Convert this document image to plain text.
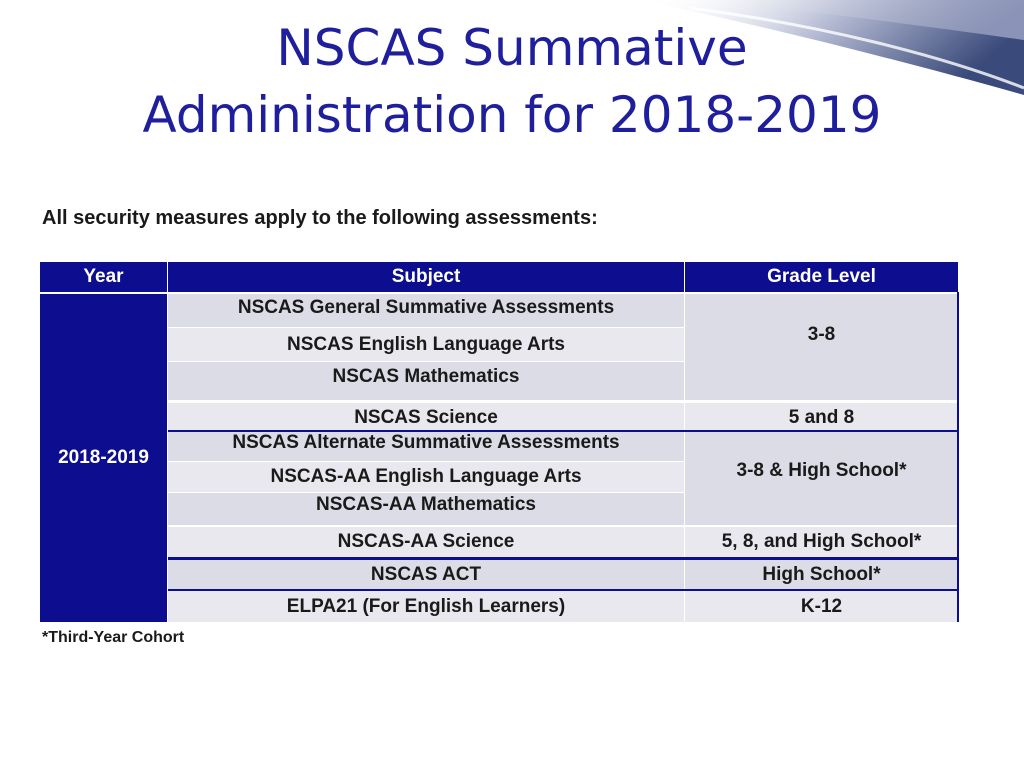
NSCAS Summative
Administration for 2018-2019
All security measures apply to the following assessments:
Year	Subject	Grade Level
2018-2019
NSCAS General Summative Assessments
NSCAS English Language Arts
NSCAS Mathematics
NSCAS Science
NSCAS Alternate Summative Assessments
NSCAS-AA English Language Arts
NSCAS-AA Mathematics
NSCAS-AA Science
NSCAS ACT
ELPA21 (For English Learners)
3-8
5 and 8
3-8 & High School*
5, 8, and High School*
High School*
K-12
*Third-Year Cohort
